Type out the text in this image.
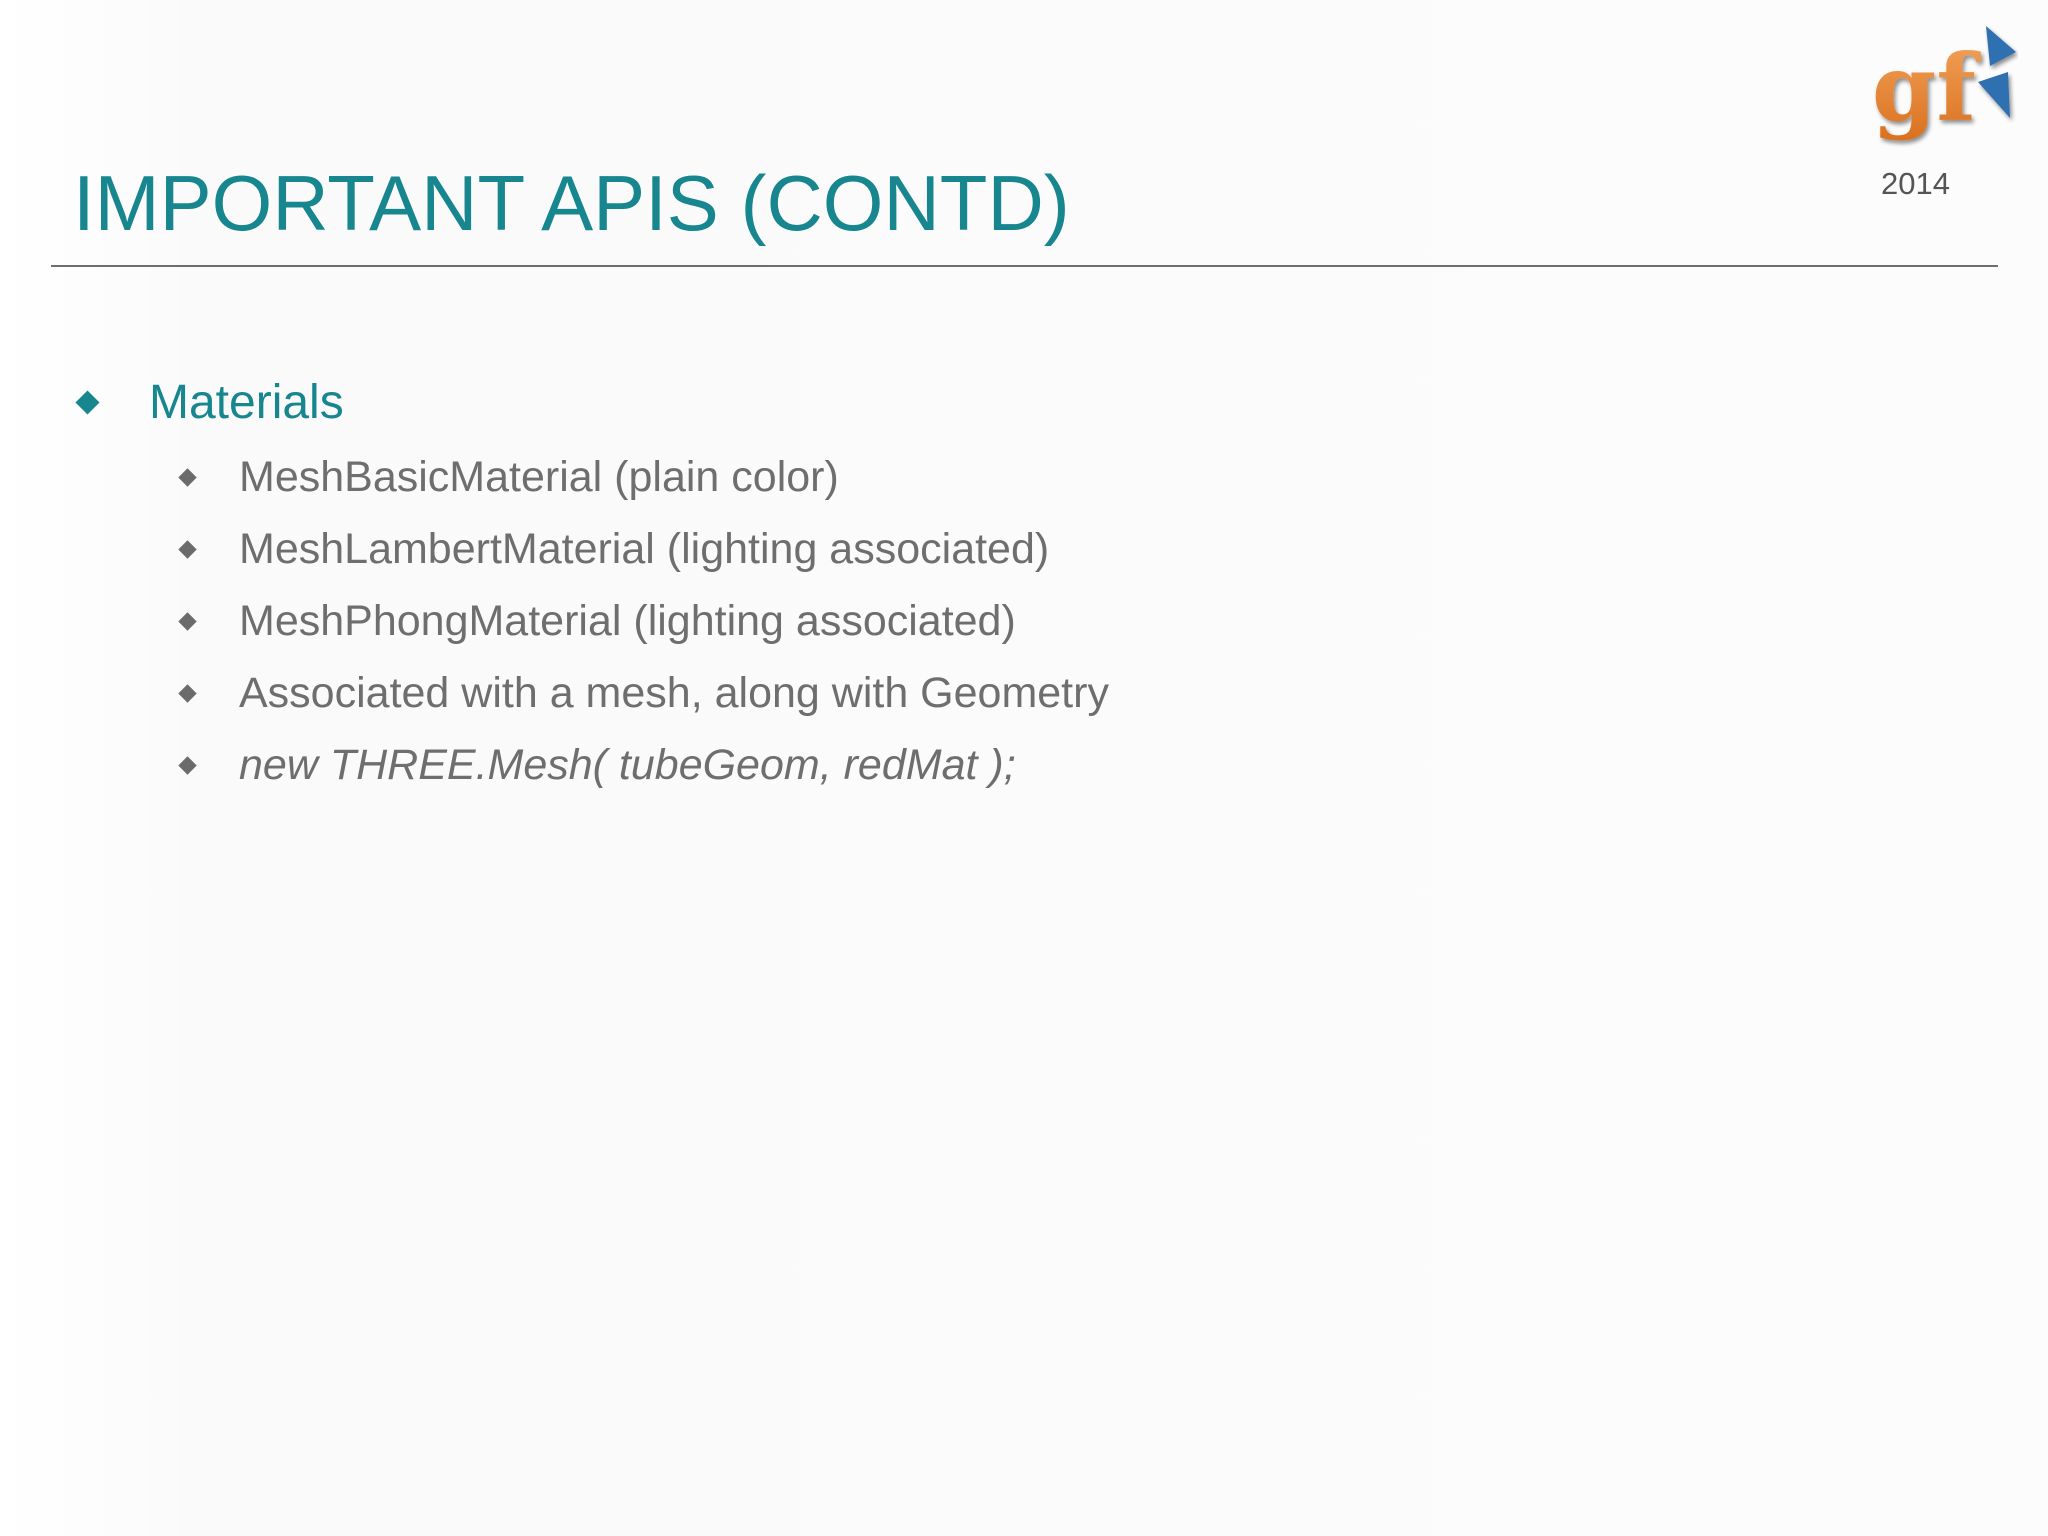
IMPORTANT APIS (CONTD)
gf
2014
Materials
MeshBasicMaterial (plain color)
MeshLambertMaterial (lighting associated)
MeshPhongMaterial (lighting associated)
Associated with a mesh, along with Geometry
new THREE.Mesh( tubeGeom, redMat );
